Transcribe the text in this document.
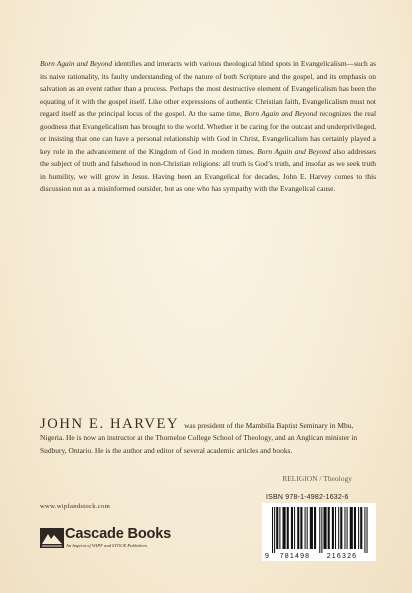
Born Again and Beyond identifies and interacts with various theological blind spots in Evangelicalism—such as its naive rationality, its faulty understanding of the nature of both Scripture and the gospel, and its emphasis on salvation as an event rather than a process. Perhaps the most destructive element of Evangelicalism has been the equating of it with the gospel itself. Like other expressions of authentic Christian faith, Evangelicalism must not regard itself as the principal locus of the gospel. At the same time, Born Again and Beyond recognizes the real goodness that Evangelicalism has brought to the world. Whether it be caring for the outcast and underprivileged, or insisting that one can have a personal relationship with God in Christ, Evangelicalism has certainly played a key role in the advancement of the Kingdom of God in modern times. Born Again and Beyond also addresses the subject of truth and falsehood in non-Christian religions: all truth is God’s truth, and insofar as we seek truth in humility, we will grow in Jesus. Having been an Evangelical for decades, John E. Harvey comes to this discussion not as a misinformed outsider, but as one who has sympathy with the Evangelical cause.
JOHN E. HARVEY was president of the Mambilla Baptist Seminary in Mbu, Nigeria. He is now an instructor at the Thorneloe College School of Theology, and an Anglican minister in Sudbury, Ontario. He is the author and editor of several academic articles and books.
RELIGION / Theology
www.wipfandstock.com
Cascade Books
An Imprint of WIPF and STOCK Publishers
ISBN 978-1-4982-1632-6
9 781498 216326
